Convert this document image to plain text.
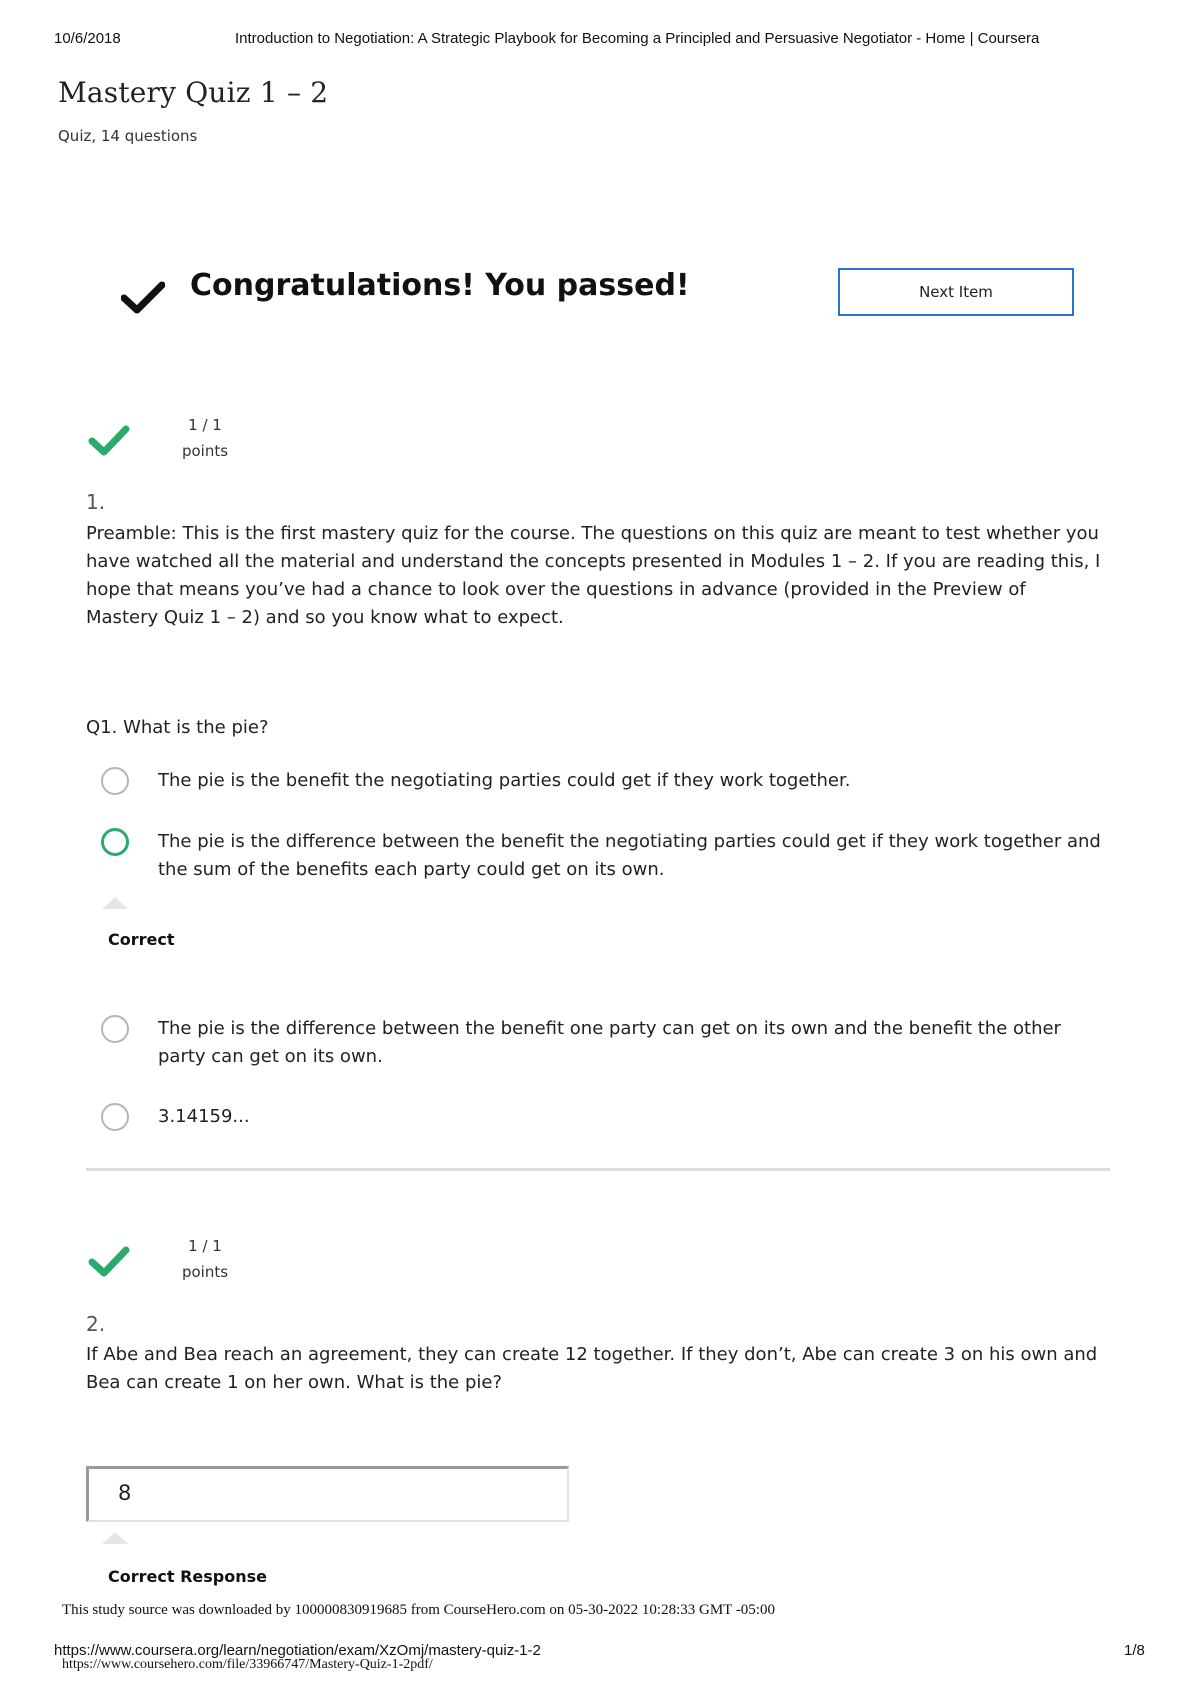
10/6/2018	Introduction to Negotiation: A Strategic Playbook for Becoming a Principled and Persuasive Negotiator - Home | Coursera
Mastery Quiz 1 – 2
Quiz, 14 questions
Congratulations! You passed!	Next Item
1 / 1
points
1.
Preamble: This is the first mastery quiz for the course. The questions on this quiz are meant to test whether you have watched all the material and understand the concepts presented in Modules 1 – 2. If you are reading this, I hope that means you’ve had a chance to look over the questions in advance (provided in the Preview of Mastery Quiz 1 – 2) and so you know what to expect.
Q1. What is the pie?
The pie is the benefit the negotiating parties could get if they work together.
The pie is the difference between the benefit the negotiating parties could get if they work together and the sum of the benefits each party could get on its own.
Correct
The pie is the difference between the benefit one party can get on its own and the benefit the other party can get on its own.
3.14159...
1 / 1
points
2.
If Abe and Bea reach an agreement, they can create 12 together. If they don’t, Abe can create 3 on his own and Bea can create 1 on her own. What is the pie?
8
Correct Response
This study source was downloaded by 100000830919685 from CourseHero.com on 05-30-2022 10:28:33 GMT -05:00
https://www.coursera.org/learn/negotiation/exam/XzOmj/mastery-quiz-1-2	1/8
https://www.coursehero.com/file/33966747/Mastery-Quiz-1-2pdf/
